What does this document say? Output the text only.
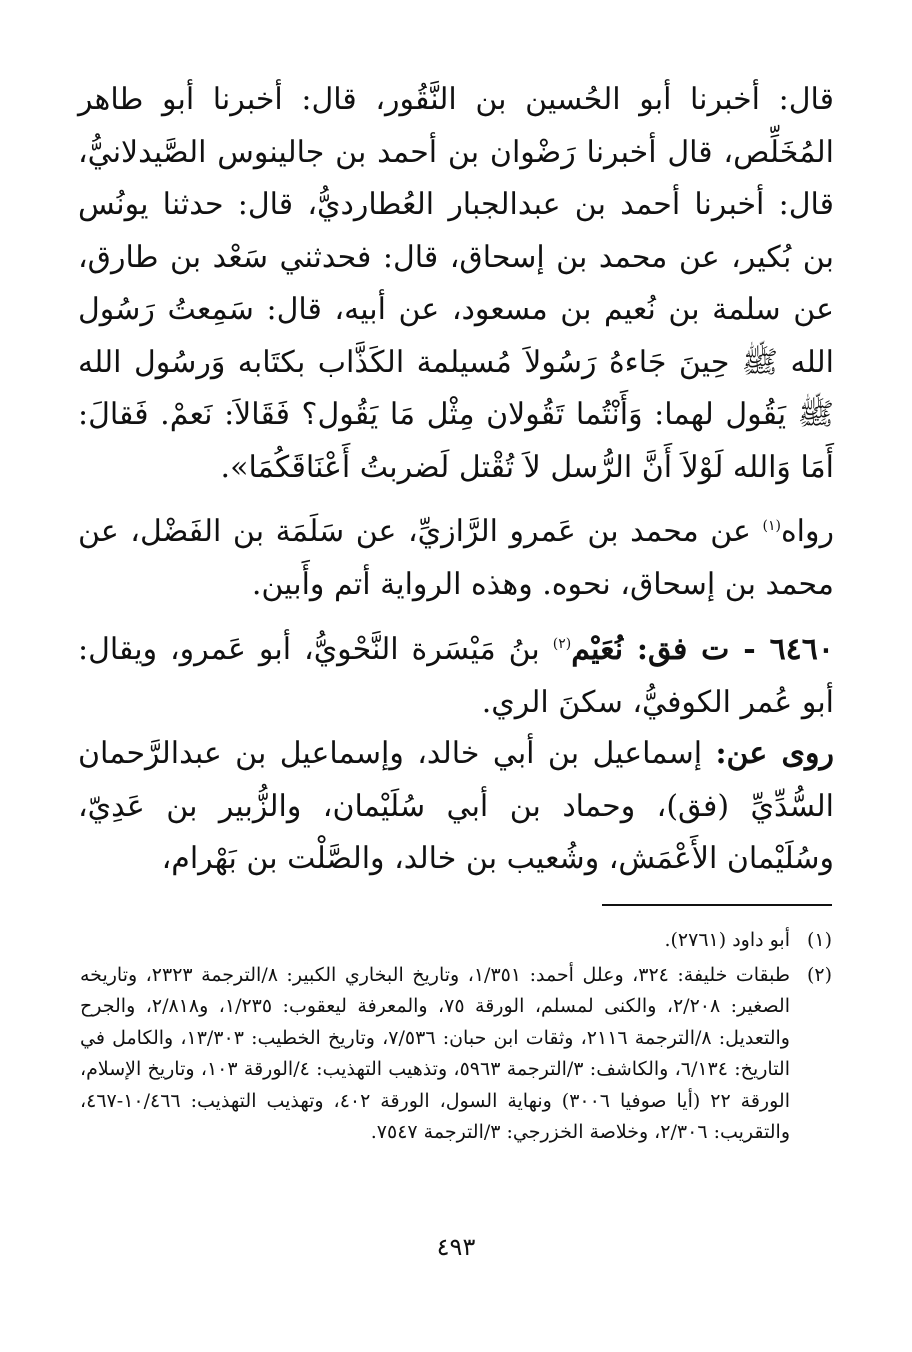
قال: أخبرنا أبو الحُسين بن النَّقُور، قال: أخبرنا أبو طاهر المُخَلِّص، قال أخبرنا رَضْوان بن أحمد بن جالينوس الصَّيدلانيُّ، قال: أخبرنا أحمد بن عبدالجبار العُطارديُّ، قال: حدثنا يونُس بن بُكير، عن محمد بن إسحاق، قال: فحدثني سَعْد بن طارق، عن سلمة بن نُعيم بن مسعود، عن أبيه، قال: سَمِعتُ رَسُول الله ﷺ حِينَ جَاءهُ رَسُولاَ مُسيلمة الكَذَّاب بكتَابه وَرسُول الله ﷺ يَقُول لهما: وَأَنْتُما تَقُولان مِثْل مَا يَقُول؟ فَقَالاَ: نَعمْ. فَقالَ: أَمَا وَالله لَوْلاَ أَنَّ الرُّسل لاَ تُقْتل لَضربتُ أَعْنَاقَكُمَا».

رواه$^{(١)}$ عن محمد بن عَمرو الرَّازيِّ، عن سَلَمَة بن الفَضْل، عن محمد بن إسحاق، نحوه. وهذه الرواية أتم وأَبين.

٦٤٦٠ - ت فق: نُعَيْم$^{(٢)}$ بنُ مَيْسَرة النَّحْويُّ، أبو عَمرو، ويقال: أبو عُمر الكوفيُّ، سكنَ الري.

روى عن: إسماعيل بن أبي خالد، وإسماعيل بن عبدالرَّحمان السُّدِّيِّ (فق)، وحماد بن أبي سُلَيْمان، والزُّبير بن عَدِيّ، وسُلَيْمان الأَعْمَش، وشُعيب بن خالد، والصَّلْت بن بَهْرام،

(١)
أبو داود (٢٧٦١).
(٢)
طبقات خليفة: ٣٢٤، وعلل أحمد: ١/٣٥١، وتاريخ البخاري الكبير: ٨/الترجمة ٢٣٢٣، وتاريخه الصغير: ٢/٢٠٨، والكنى لمسلم، الورقة ٧٥، والمعرفة ليعقوب: ١/٢٣٥، و٢/٨١٨، والجرح والتعديل: ٨/الترجمة ٢١١٦، وثقات ابن حبان: ٧/٥٣٦، وتاريخ الخطيب: ١٣/٣٠٣، والكامل في التاريخ: ٦/١٣٤، والكاشف: ٣/الترجمة ٥٩٦٣، وتذهيب التهذيب: ٤/الورقة ١٠٣، وتاريخ الإسلام، الورقة ٢٢ (أيا صوفيا ٣٠٠٦) ونهاية السول، الورقة ٤٠٢، وتهذيب التهذيب: ١٠/٤٦٦-٤٦٧، والتقريب: ٢/٣٠٦، وخلاصة الخزرجي: ٣/الترجمة ٧٥٤٧.
٤٩٣
